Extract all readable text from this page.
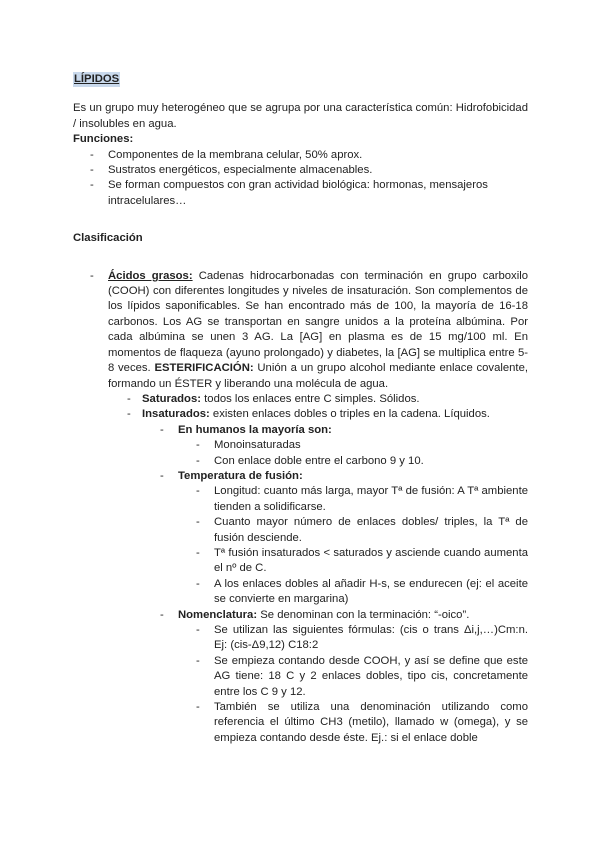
LÍPIDOS

Es un grupo muy heterogéneo que se agrupa por una característica común: Hidrofobicidad / insolubles en agua.

Funciones:

- Componentes de la membrana celular, 50% aprox.
- Sustratos energéticos, especialmente almacenables.
- Se forman compuestos con gran actividad biológica: hormonas, mensajeros intracelulares…

Clasificación

- Ácidos grasos: Cadenas hidrocarbonadas con terminación en grupo carboxilo (COOH) con diferentes longitudes y niveles de insaturación. Son complementos de los lípidos saponificables. Se han encontrado más de 100, la mayoría de 16-18 carbonos. Los AG se transportan en sangre unidos a la proteína albúmina. Por cada albúmina se unen 3 AG. La [AG] en plasma es de 15 mg/100 ml. En momentos de flaqueza (ayuno prolongado) y diabetes, la [AG] se multiplica entre 5-8 veces. ESTERIFICACIÓN: Unión a un grupo alcohol mediante enlace covalente, formando un ÉSTER y liberando una molécula de agua.
- Saturados: todos los enlaces entre C simples. Sólidos.
- Insaturados: existen enlaces dobles o triples en la cadena. Líquidos.
- En humanos la mayoría son:
- Monoinsaturadas
- Con enlace doble entre el carbono 9 y 10.
- Temperatura de fusión:
- Longitud: cuanto más larga, mayor Tª de fusión: A Tª ambiente tienden a solidificarse.
- Cuanto mayor número de enlaces dobles/ triples, la Tª de fusión desciende.
- Tª fusión insaturados < saturados y asciende cuando aumenta el nº de C.
- A los enlaces dobles al añadir H-s, se endurecen (ej: el aceite se convierte en margarina)
- Nomenclatura: Se denominan con la terminación: “-oico”.
- Se utilizan las siguientes fórmulas: (cis o trans Δi,j,…)Cm:n. Ej: (cis-Δ9,12) C18:2
- Se empieza contando desde COOH, y así se define que este AG tiene: 18 C y 2 enlaces dobles, tipo cis, concretamente entre los C 9 y 12.
- También se utiliza una denominación utilizando como referencia el último CH3 (metilo), llamado w (omega), y se empieza contando desde éste. Ej.: si el enlace doble
